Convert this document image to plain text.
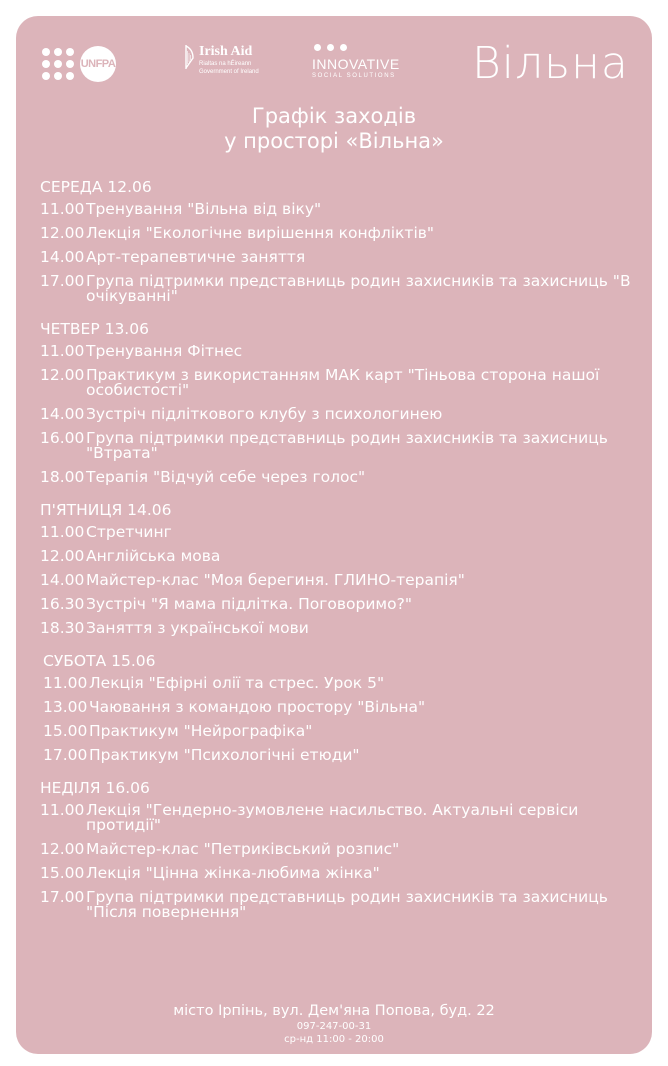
UNFPA
Irish Aid
Rialtas na hÉireann
Government of Ireland	INNOVATIVE
SOCIAL SOLUTIONS	Вільна
Графік заходів
у просторі «Вільна»
СЕРЕДА 12.06
11.00 Тренування "Вільна від віку"
12.00 Лекція "Екологічне вирішення конфліктів"
14.00 Арт-терапевтичне заняття
17.00 Група підтримки представниць родин захисників та захисниць "В очікуванні"
ЧЕТВЕР 13.06
11.00 Тренування Фітнес
12.00 Практикум з використанням МАК карт "Тіньова сторона нашої особистості"
14.00 Зустріч підліткового клубу з психологинею
16.00 Група підтримки представниць родин захисників та захисниць "Втрата"
18.00 Терапія "Відчуй себе через голос"
П'ЯТНИЦЯ 14.06
11.00 Стретчинг
12.00 Англійська мова
14.00 Майстер-клас "Моя берегиня. ГЛИНО-терапія"
16.30 Зустріч "Я мама підлітка. Поговоримо?"
18.30 Заняття з української мови
СУБОТА 15.06
11.00 Лекція "Ефірні олії та стрес. Урок 5"
13.00 Чаювання з командою простору "Вільна"
15.00 Практикум "Нейрографіка"
17.00 Практикум "Психологічні етюди"
НЕДІЛЯ 16.06
11.00 Лекція "Гендерно-зумовлене насильство. Актуальні сервіси протидії"
12.00 Майстер-клас "Петриківський розпис"
15.00 Лекція "Цінна жінка-любима жінка"
17.00 Група підтримки представниць родин захисників та захисниць "Після повернення"
місто Ірпінь, вул. Дем'яна Попова, буд. 22
097-247-00-31
ср-нд 11:00 - 20:00
